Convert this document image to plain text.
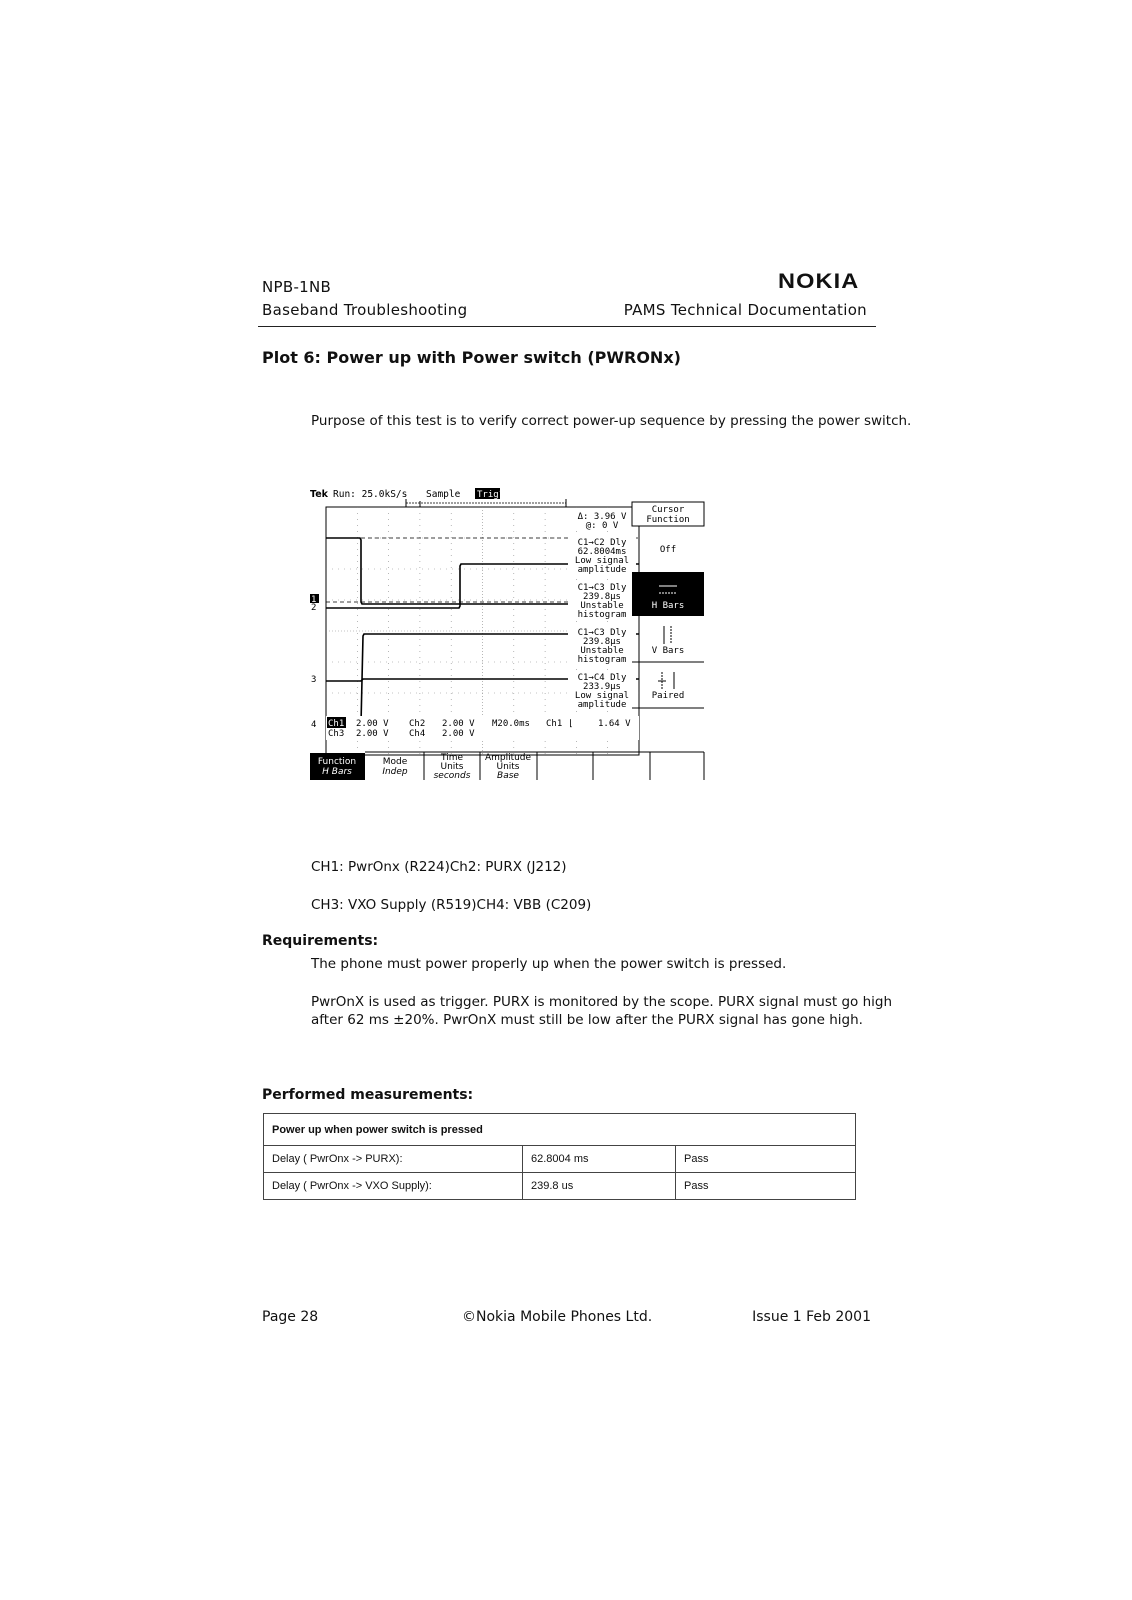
NPB-1NB	NOKIA
Baseband Troubleshooting	PAMS Technical Documentation
Plot 6: Power up with Power switch (PWRONx)
Purpose of this test is to verify correct power-up sequence by pressing the power switch.
Tek Run: 25.0kS/s Sample Trig?
1
2
3
4
Δ: 3.96 V
@: 0 V
C1→C2 Dly
62.8004ms
Low signal
amplitude
C1→C3 Dly
239.8μs
Unstable
histogram
C1→C3 Dly
239.8μs
Unstable
histogram
C1→C4 Dly
233.9μs
Low signal
amplitude
Ch1 2.00 V Ch2 2.00 V M20.0ms Ch1 ⌊	1.64 V
Ch3 2.00 V Ch4 2.00 V
Cursor
Function
Off
H Bars
V Bars
Paired
Function
H Bars
Mode
Indep
Time
Units
seconds
Amplitude
Units
Base
CH1: PwrOnx (R224)Ch2: PURX (J212)
CH3: VXO Supply (R519)CH4: VBB (C209)
Requirements:
The phone must power properly up when the power switch is pressed.
PwrOnX is used as trigger. PURX is monitored by the scope. PURX signal must go high
after 62 ms ±20%. PwrOnX must still be low after the PURX signal has gone high.
Performed measurements:
Power up when power switch is pressed		
Delay ( PwrOnx -> PURX):	62.8004 ms	Pass
Delay ( PwrOnx -> VXO Supply):	239.8 us	Pass
Page 28	©Nokia Mobile Phones Ltd.	Issue 1 Feb 2001
